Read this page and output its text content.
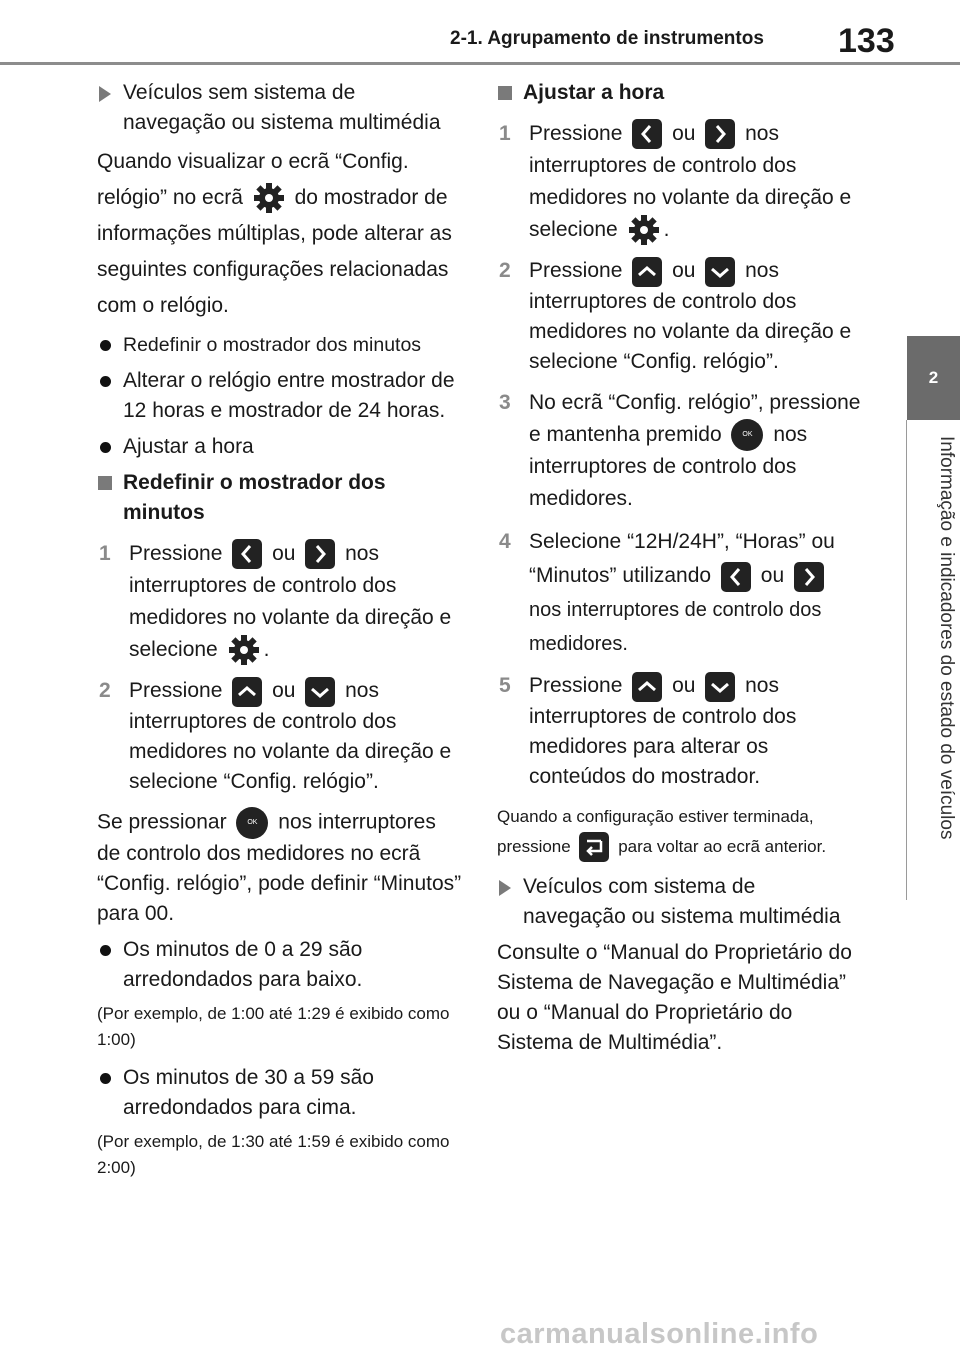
2-1. Agrupamento de instrumentos 133
2
Informação e indicadores do estado do veículos

Veículos sem sistema de navegação ou sistema multimédia

Quando visualizar o ecrã “Config. relógio” no ecrã do mostrador de informações múltiplas, pode alterar as seguintes configurações relacionadas com o relógio.

Redefinir o mostrador dos minutos

Alterar o relógio entre mostrador de 12 horas e mostrador de 24 horas.

Ajustar a hora

Redefinir o mostrador dos minutos

1 Pressione ou nos interruptores de controlo dos medidores no volante da direção e selecione .

2 Pressione ou nos interruptores de controlo dos medidores no volante da direção e selecione “Config. relógio”.

Se pressionar	OK nos interruptores de controlo dos medidores no ecrã “Config. relógio”, pode definir “Minutos” para 00.

Os minutos de 0 a 29 são arredondados para baixo.

(Por exemplo, de 1:00 até 1:29 é exibido como 1:00)

Os minutos de 30 a 59 são arredondados para cima.

(Por exemplo, de 1:30 até 1:59 é exibido como 2:00)

Ajustar a hora

1 Pressione ou nos interruptores de controlo dos medidores no volante da direção e selecione .

2 Pressione ou nos interruptores de controlo dos medidores no volante da direção e selecione “Config. relógio”.

3 No ecrã “Config. relógio”, pressione e mantenha premido	OK nos interruptores de controlo dos medidores.

4 Selecione “12H/24H”, “Horas” ou “Minutos” utilizando ou
nos interruptores de controlo dos medidores.

5 Pressione ou nos interruptores de controlo dos medidores para alterar os conteúdos do mostrador.

Quando a configuração estiver terminada, pressione	para voltar ao ecrã anterior.

Veículos com sistema de navegação ou sistema multimédia

Consulte o “Manual do Proprietário do Sistema de Navegação e Multimédia” ou o “Manual do Proprietário do Sistema de Multimédia”.

carmanualsonline.info
